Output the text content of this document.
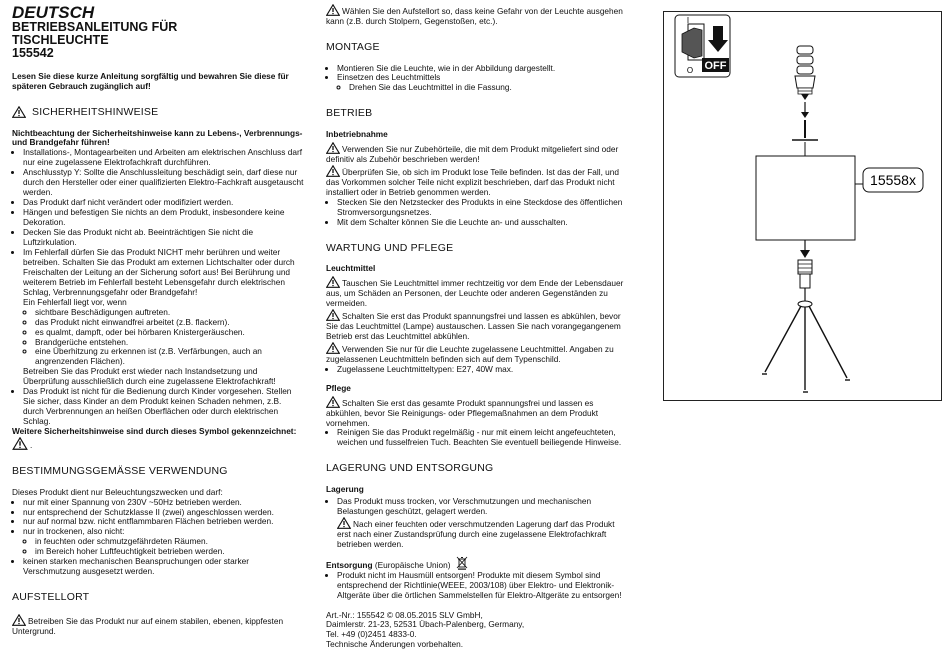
DEUTSCH
BETRIEBSANLEITUNG FÜR
TISCHLEUCHTE
155542

Lesen Sie diese kurze Anleitung sorgfältig und bewahren Sie diese für späteren Gebrauch zugänglich auf!

SICHERHEITSHINWEISE

Nichtbeachtung der Sicherheitshinweise kann zu Lebens-, Verbrennungs- und Brandgefahr führen!

• Installations-, Montagearbeiten und Arbeiten am elektrischen Anschluss darf nur eine zugelassene Elektrofachkraft durchführen.
• Anschlusstyp Y: Sollte die Anschlussleitung beschädigt sein, darf diese nur durch den Hersteller oder einer qualifizierten Elektro-Fachkraft ausgetauscht werden.
• Das Produkt darf nicht verändert oder modifiziert werden.
• Hängen und befestigen Sie nichts an dem Produkt, insbesondere keine Dekoration.
• Decken Sie das Produkt nicht ab. Beeinträchtigen Sie nicht die Luftzirkulation.
• Im Fehlerfall dürfen Sie das Produkt NICHT mehr berühren und weiter betreiben. Schalten Sie das Produkt am externen Lichtschalter oder durch Freischalten der Leitung an der Sicherung sofort aus! Bei Berührung und weiterem Betrieb im Fehlerfall besteht Lebensgefahr durch elektrischen Schlag, Verbrennungsgefahr oder Brandgefahr!
Ein Fehlerfall liegt vor, wenn
◦ sichtbare Beschädigungen auftreten.
◦ das Produkt nicht einwandfrei arbeitet (z.B. flackern).
◦ es qualmt, dampft, oder bei hörbaren Knistergeräuschen.
◦ Brandgerüche entstehen.
◦ eine Überhitzung zu erkennen ist (z.B. Verfärbungen, auch an angrenzenden Flächen).
Betreiben Sie das Produkt erst wieder nach Instandsetzung und Überprüfung ausschließlich durch eine zugelassene Elektrofachkraft!
• Das Produkt ist nicht für die Bedienung durch Kinder vorgesehen. Stellen Sie sicher, dass Kinder an dem Produkt keinen Schaden nehmen, z.B. durch Verbrennungen an heißen Oberflächen oder durch elektrischen Schlag.

Weitere Sicherheitshinweise sind durch dieses Symbol gekennzeichnet:

.

BESTIMMUNGSGEMÄSSE VERWENDUNG

Dieses Produkt dient nur Beleuchtungszwecken und darf:

• nur mit einer Spannung von 230V ~50Hz betrieben werden.
• nur entsprechend der Schutzklasse II (zwei) angeschlossen werden.
• nur auf normal bzw. nicht entflammbaren Flächen betrieben werden.
• nur in trockenen, also nicht:
◦ in feuchten oder schmutzgefährdeten Räumen.
◦ im Bereich hoher Luftfeuchtigkeit betrieben werden.
• keinen starken mechanischen Beanspruchungen oder starker Verschmutzung ausgesetzt werden.
AUFSTELLORT

Betreiben Sie das Produkt nur auf einem stabilen, ebenen, kippfesten Untergrund.

Wählen Sie den Aufstellort so, dass keine Gefahr von der Leuchte ausgehen kann (z.B. durch Stolpern, Gegenstoßen, etc.).

MONTAGE
• Montieren Sie die Leuchte, wie in der Abbildung dargestellt.
• Einsetzen des Leuchtmittels
◦ Drehen Sie das Leuchtmittel in die Fassung.
BETRIEB

Inbetriebnahme

Verwenden Sie nur Zubehörteile, die mit dem Produkt mitgeliefert sind oder definitiv als Zubehör beschrieben werden!

Überprüfen Sie, ob sich im Produkt lose Teile befinden. Ist das der Fall, und das Vorkommen solcher Teile nicht explizit beschrieben, darf das Produkt nicht installiert oder in Betrieb genommen werden.

• Stecken Sie den Netzstecker des Produkts in eine Steckdose des öffentlichen Stromversorgungsnetzes.
• Mit dem Schalter können Sie die Leuchte an- und ausschalten.
WARTUNG UND PFLEGE

Leuchtmittel

Tauschen Sie Leuchtmittel immer rechtzeitig vor dem Ende der Lebensdauer aus, um Schäden an Personen, der Leuchte oder anderen Gegenständen zu vermeiden.

Schalten Sie erst das Produkt spannungsfrei und lassen es abkühlen, bevor Sie das Leuchtmittel (Lampe) austauschen. Lassen Sie nach vorangegangenem Betrieb erst das Leuchtmittel abkühlen.

Verwenden Sie nur für die Leuchte zugelassene Leuchtmittel. Angaben zu zugelassenen Leuchtmitteln befinden sich auf dem Typenschild.

• Zugelassene Leuchtmitteltypen: E27, 40W max.

Pflege

Schalten Sie erst das gesamte Produkt spannungsfrei und lassen es abkühlen, bevor Sie Reinigungs- oder Pflegemaßnahmen an dem Produkt vornehmen.

• Reinigen Sie das Produkt regelmäßig - nur mit einem leicht angefeuchteten, weichen und fusselfreien Tuch. Beachten Sie eventuell beiliegende Hinweise.
LAGERUNG UND ENTSORGUNG

Lagerung

• Das Produkt muss trocken, vor Verschmutzungen und mechanischen Belastungen geschützt, gelagert werden.

Nach einer feuchten oder verschmutzenden Lagerung darf das Produkt erst nach einer Zustandsprüfung durch eine zugelassene Elektrofachkraft betrieben werden.

Entsorgung (Europäische Union)

• Produkt nicht im Hausmüll entsorgen! Produkte mit diesem Symbol sind entsprechend der Richtlinie(WEEE, 2003/108) über Elektro- und Elektronik-Altgeräte über die örtlichen Sammelstellen für Elektro-Altgeräte zu entsorgen!

Art.-Nr.: 155542 © 08.05.2015 SLV GmbH,

Daimlerstr. 21-23, 52531 Übach-Palenberg, Germany,

Tel. +49 (0)2451 4833-0.

Technische Änderungen vorbehalten.

OFF
I
O
15558x
